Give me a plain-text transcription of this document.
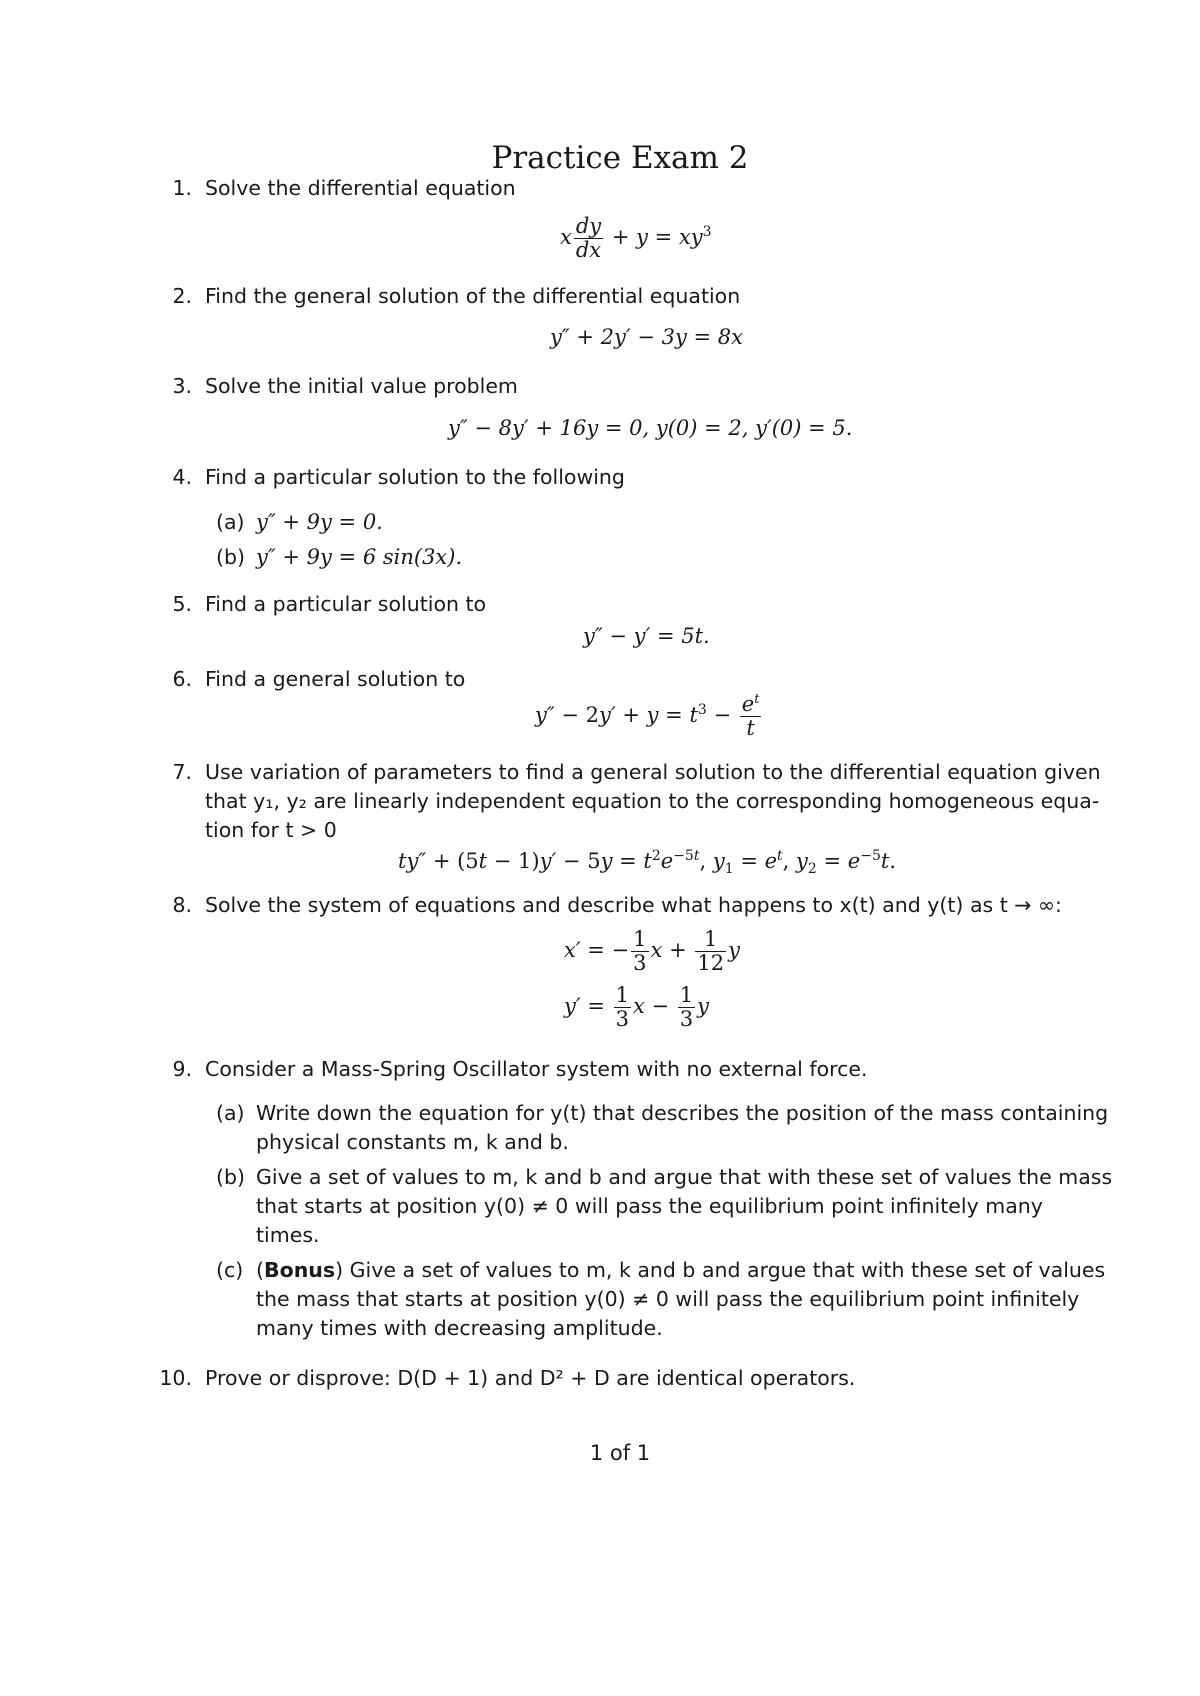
Practice Exam 2
1. Solve the differential equation
x $\frac{dy}{dx} + y = xy^3$
2. Find the general solution of the differential equation
y″ + 2y′ − 3y = 8x
3. Solve the initial value problem
y″ − 8y′ + 16y = 0, y(0) = 2, y′(0) = 5.
4. Find a particular solution to the following
(a) y″ + 9y = 0.
(b) y″ + 9y = 6 sin(3x).
5. Find a particular solution to
y″ − y′ = 5t.
6. Find a general solution to
$y'' - 2y' + y = t^3 - \frac{e^t}{t}$
7. Use variation of parameters to find a general solution to the differential equation given
that y₁, y₂ are linearly independent equation to the corresponding homogeneous equa-
tion for t > 0
$ty'' + (5t - 1)y' - 5y = t^2e^{-5t}$, $y_1 = e^t$, $y_2 = e^{-5}t$.
8. Solve the system of equations and describe what happens to x(t) and y(t) as t → ∞:
x′ = − $\frac{1}{3}$ $x + \frac{1}{12}$ y
$y' = \frac{1}{3}$ $x - \frac{1}{3}$ y
9. Consider a Mass-Spring Oscillator system with no external force.
(a) Write down the equation for y(t) that describes the position of the mass containing
physical constants m, k and b.
(b) Give a set of values to m, k and b and argue that with these set of values the mass
that starts at position y(0) ≠ 0 will pass the equilibrium point infinitely many
times.
(c) (Bonus) Give a set of values to m, k and b and argue that with these set of values
the mass that starts at position y(0) ≠ 0 will pass the equilibrium point infinitely
many times with decreasing amplitude.
10. Prove or disprove: D(D + 1) and D² + D are identical operators.
1 of 1
